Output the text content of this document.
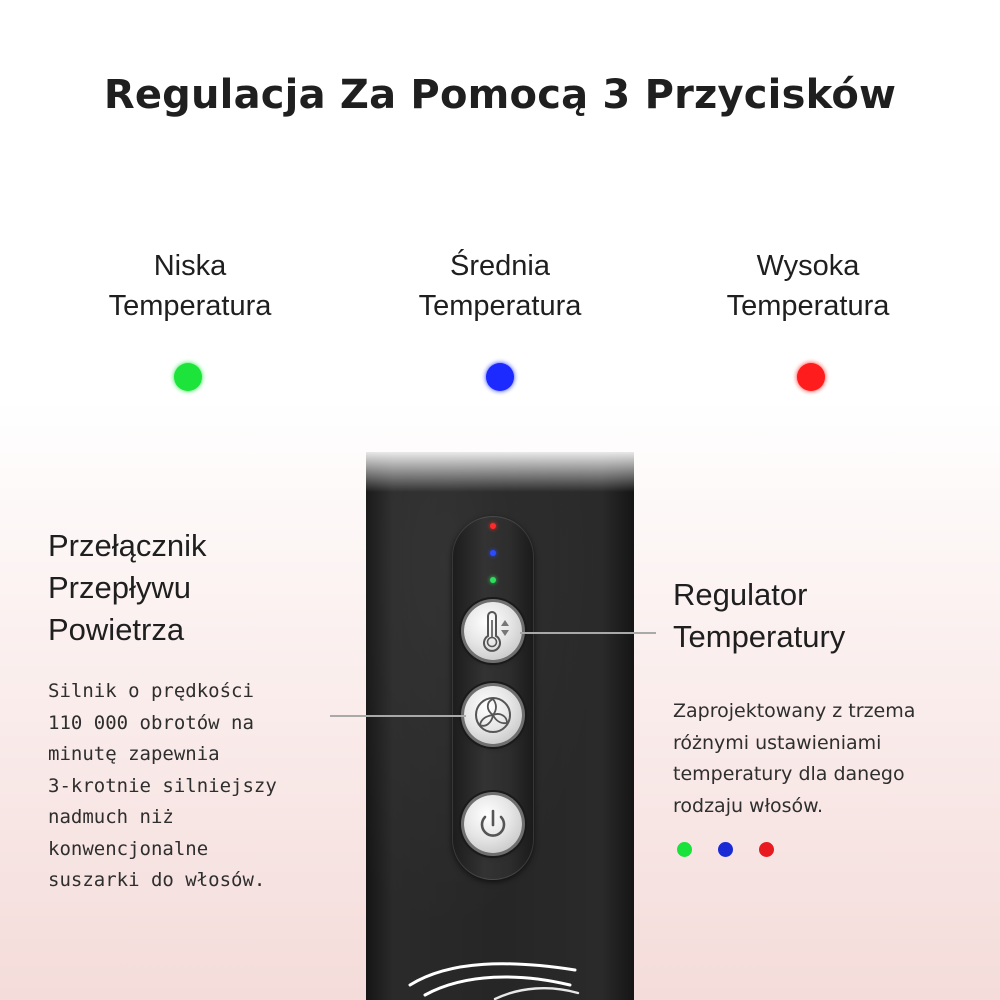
Regulacja Za Pomocą 3 Przycisków
Niska
Temperatura
Średnia
Temperatura
Wysoka
Temperatura
Przełącznik
Przepływu
Powietrza
Silnik o prędkości
110 000 obrotów na
minutę zapewnia
3-krotnie silniejszy
nadmuch niż
konwencjonalne
suszarki do włosów.
Regulator
Temperatury
Zaprojektowany z trzema
różnymi ustawieniami
temperatury dla danego
rodzaju włosów.
